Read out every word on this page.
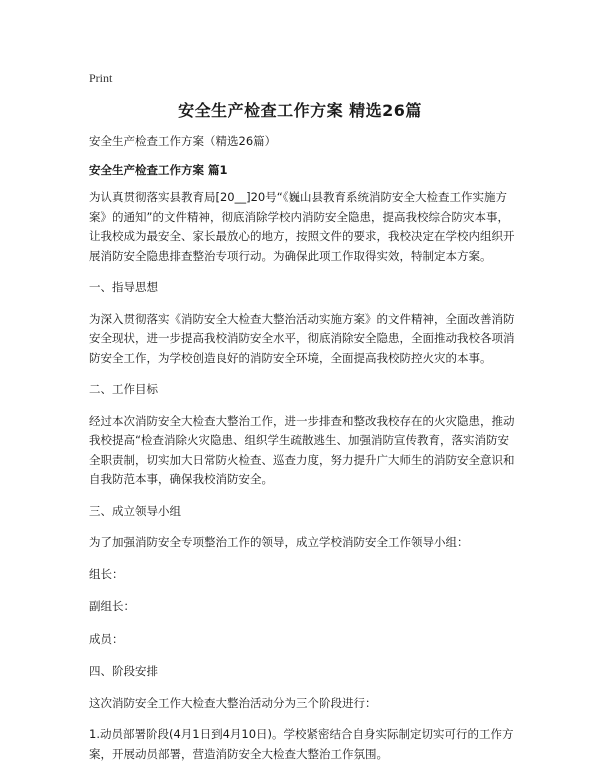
Print
安全生产检查工作方案 精选26篇

安全生产检查工作方案（精选26篇）

安全生产检查工作方案 篇1

为认真贯彻落实县教育局[20__]20号“《巍山县教育系统消防安全大检查工作实施方案》的通知”的文件精神，彻底消除学校内消防安全隐患，提高我校综合防灾本事，让我校成为最安全、家长最放心的地方，按照文件的要求，我校决定在学校内组织开展消防安全隐患排查整治专项行动。为确保此项工作取得实效，特制定本方案。

一、指导思想

为深入贯彻落实《消防安全大检查大整治活动实施方案》的文件精神，全面改善消防安全现状，进一步提高我校消防安全水平，彻底消除安全隐患，全面推动我校各项消防安全工作，为学校创造良好的消防安全环境，全面提高我校防控火灾的本事。

二、工作目标

经过本次消防安全大检查大整治工作，进一步排查和整改我校存在的火灾隐患，推动我校提高“检查消除火灾隐患、组织学生疏散逃生、加强消防宣传教育，落实消防安全职责制，切实加大日常防火检查、巡查力度，努力提升广大师生的消防安全意识和自我防范本事，确保我校消防安全。

三、成立领导小组

为了加强消防安全专项整治工作的领导，成立学校消防安全工作领导小组：

组长：

副组长：

成员：

四、阶段安排

这次消防安全工作大检查大整治活动分为三个阶段进行：

1.动员部署阶段(4月1日到4月10日)。学校紧密结合自身实际制定切实可行的工作方案，开展动员部署，营造消防安全大检查大整治工作氛围。
